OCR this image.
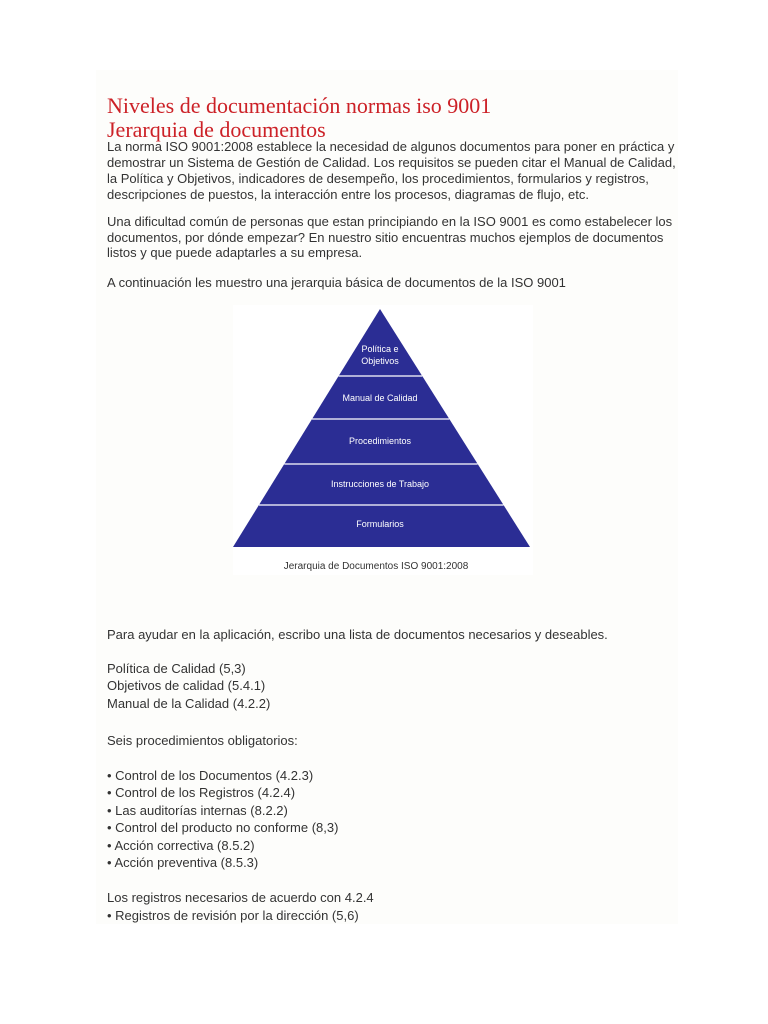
Niveles de documentación normas iso 9001
Jerarquia de documentos

La norma ISO 9001:2008 establece la necesidad de algunos documentos para poner en práctica y

demostrar un Sistema de Gestión de Calidad. Los requisitos se pueden citar el Manual de Calidad,

la Política y Objetivos, indicadores de desempeño, los procedimientos, formularios y registros,

descripciones de puestos, la interacción entre los procesos, diagramas de flujo, etc.

Una dificultad común de personas que estan principiando en la ISO 9001 es como estabelecer los

documentos, por dónde empezar? En nuestro sitio encuentras muchos ejemplos de documentos

listos y que puede adaptarles a su empresa.

A continuación les muestro una jerarquia básica de documentos de la ISO 9001

Política e
Objetivos
Manual de Calidad
Procedimientos
Instrucciones de Trabajo
Formularios
Jerarquia de Documentos ISO 9001:2008

Para ayudar en la aplicación, escribo una lista de documentos necesarios y deseables.

Política de Calidad (5,3)

Objetivos de calidad (5.4.1)

Manual de la Calidad (4.2.2)

Seis procedimientos obligatorios:

• Control de los Documentos (4.2.3)

• Control de los Registros (4.2.4)

• Las auditorías internas (8.2.2)

• Control del producto no conforme (8,3)

• Acción correctiva (8.5.2)

• Acción preventiva (8.5.3)

Los registros necesarios de acuerdo con 4.2.4

• Registros de revisión por la dirección (5,6)
